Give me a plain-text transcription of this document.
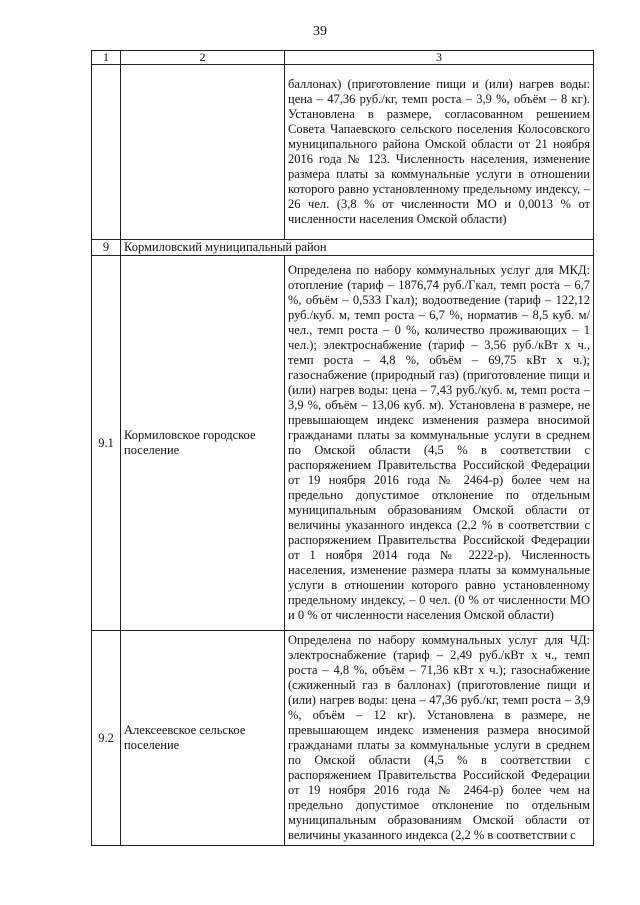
39
1	2	3
		баллонах) (приготовление пищи и (или) нагрев воды: цена – 47,36 руб./кг, темп роста – 3,9 %, объём – 8 кг). Установлена в размере, согласованном решением Совета Чапаевского сельского поселения Колосовского муниципального района Омской области от 21 ноября 2016 года № 123. Численность населения, изменение размера платы за коммунальные услуги в отношении которого равно установленному предельному индексу, – 26 чел. (3,8 % от численности МО и 0,0013 % от численности населения Омской области)
9	Кормиловский муниципальный район	
9.1	Кормиловское городское поселение	Определена по набору коммунальных услуг для МКД: отопление (тариф – 1876,74 руб./Гкал, темп роста – 6,7 %, объём – 0,533 Гкал); водоотведение (тариф – 122,12 руб./куб. м, темп роста – 6,7 %, норматив – 8,5 куб. м/чел., темп роста – 0 %, количество проживающих – 1 чел.); электроснабжение (тариф – 3,56 руб./кВт х ч., темп роста – 4,8 %, объём – 69,75 кВт х ч.); газоснабжение (природный газ) (приготовление пищи и (или) нагрев воды: цена – 7,43 руб./куб. м, темп роста – 3,9 %, объём – 13,06 куб. м). Установлена в размере, не превышающем индекс изменения размера вносимой гражданами платы за коммунальные услуги в среднем по Омской области (4,5 % в соответствии с распоряжением Правительства Российской Федерации от 19 ноября 2016 года № 2464-р) более чем на предельно допустимое отклонение по отдельным муниципальным образованиям Омской области от величины указанного индекса (2,2 % в соответствии с распоряжением Правительства Российской Федерации от 1 ноября 2014 года № 2222-р). Численность населения, изменение размера платы за коммунальные услуги в отношении которого равно установленному предельному индексу, – 0 чел. (0 % от численности МО и 0 % от численности населения Омской области)
9.2	Алексеевское сельское поселение	Определена по набору коммунальных услуг для ЧД: электроснабжение (тариф – 2,49 руб./кВт х ч., темп роста – 4,8 %, объём – 71,36 кВт х ч.); газоснабжение (сжиженный газ в баллонах) (приготовление пищи и (или) нагрев воды: цена – 47,36 руб./кг, темп роста – 3,9 %, объём – 12 кг). Установлена в размере, не превышающем индекс изменения размера вносимой гражданами платы за коммунальные услуги в среднем по Омской области (4,5 % в соответствии с распоряжением Правительства Российской Федерации от 19 ноября 2016 года № 2464-р) более чем на предельно допустимое отклонение по отдельным муниципальным образованиям Омской области от величины указанного индекса (2,2 % в соответствии с
